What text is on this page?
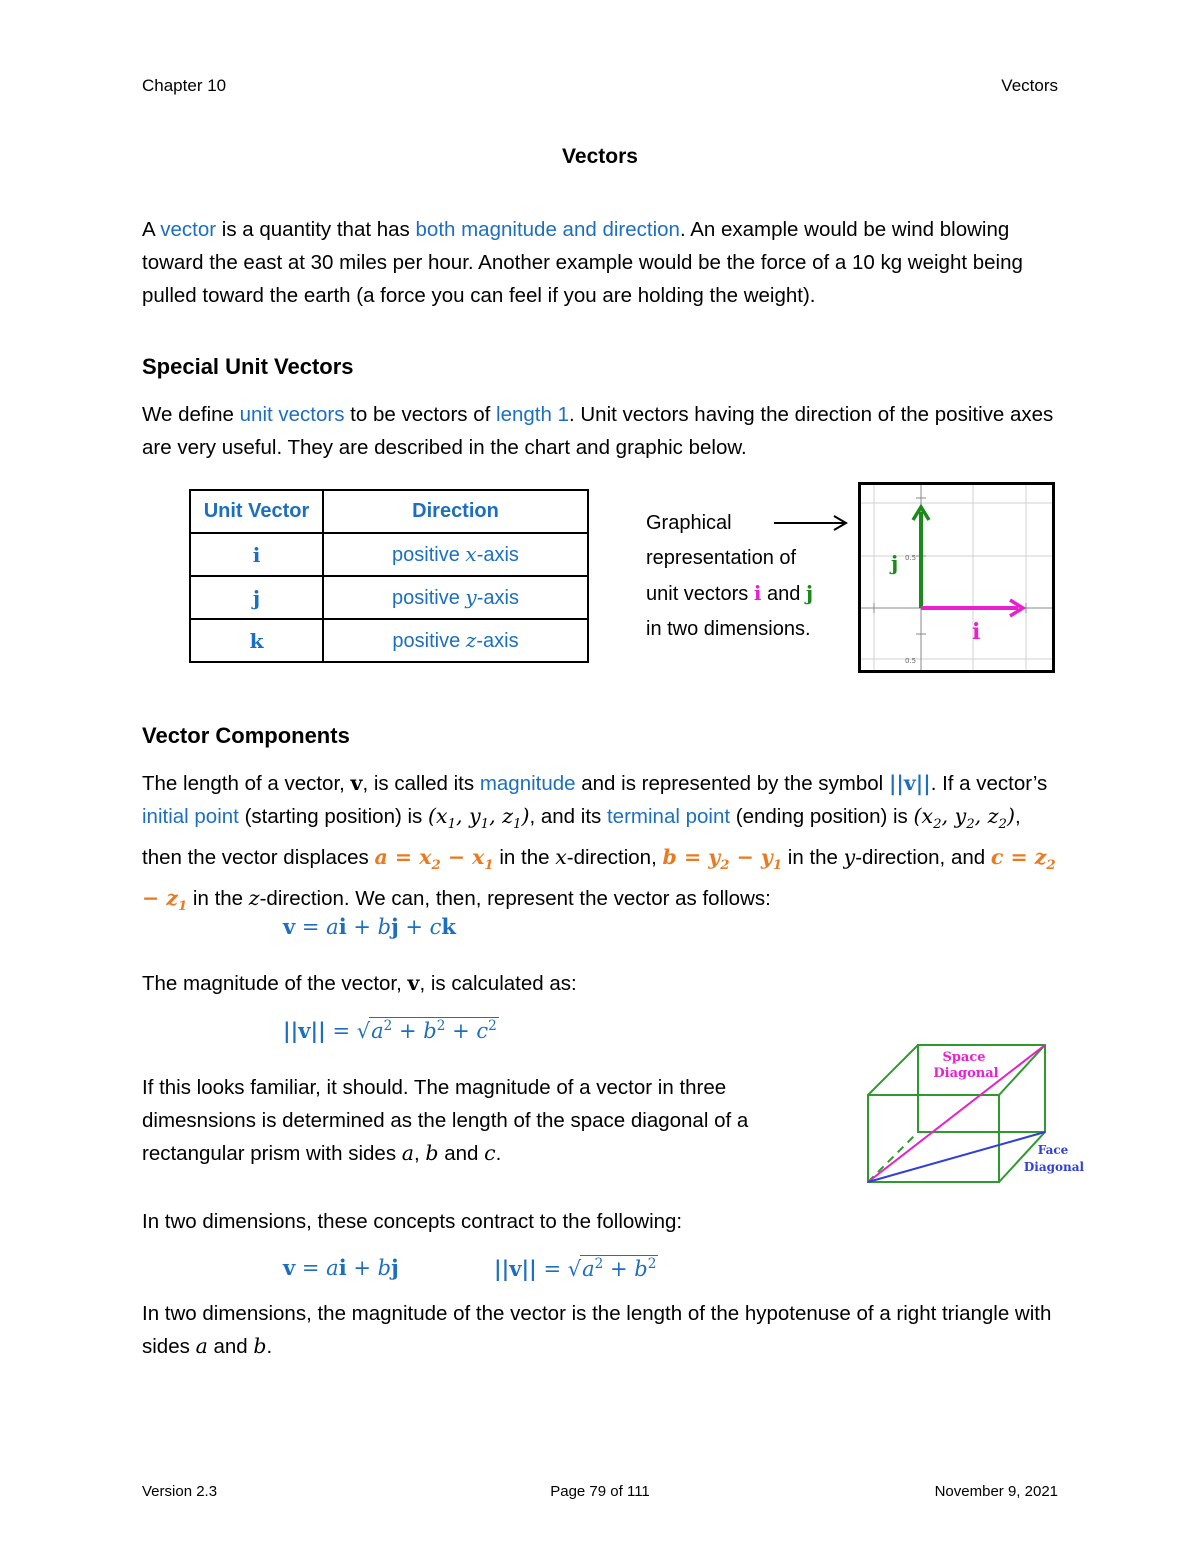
Chapter 10	Vectors
Vectors

A vector is a quantity that has both magnitude and direction. An example would be wind blowing toward the east at 30 miles per hour. Another example would be the force of a 10 kg weight being pulled toward the earth (a force you can feel if you are holding the weight).

Special Unit Vectors

We define unit vectors to be vectors of length 1. Unit vectors having the direction of the positive axes are very useful. They are described in the chart and graphic below.

Unit Vector	Direction
i	positive x-axis
j	positive y-axis
k	positive z-axis
Graphical
representation of
unit vectors i and j
in two dimensions.
0.5
0.5
j
i
Vector Components

The length of a vector, v, is called its magnitude and is represented by the symbol ||v||. If a vector’s initial point (starting position) is ($x_1$, $y_1$, $z_1$), and its terminal point (ending position) is ($x_2$, $y_2$, $z_2$), then the vector displaces $a = x_2 - x_1$ in the x-direction, $b = y_2 - y_1$ in the y-direction, and $c = z_2 - z_1$ in the z-direction. We can, then, represent the vector as follows:

v = ai + bj + ck

The magnitude of the vector, v, is calculated as:

$||v|| = √a^2 + b^2 + c^2$

If this looks familiar, it should. The magnitude of a vector in three dimesnsions is determined as the length of the space diagonal of a rectangular prism with sides a, b and c.

Space
Diagonal
Face
Diagonal

In two dimensions, these concepts contract to the following:

v = ai + bj	$||v|| = √a^2 + b^2$

In two dimensions, the magnitude of the vector is the length of the hypotenuse of a right triangle with sides a and b.

Version 2.3	Page 79 of 111	November 9, 2021
